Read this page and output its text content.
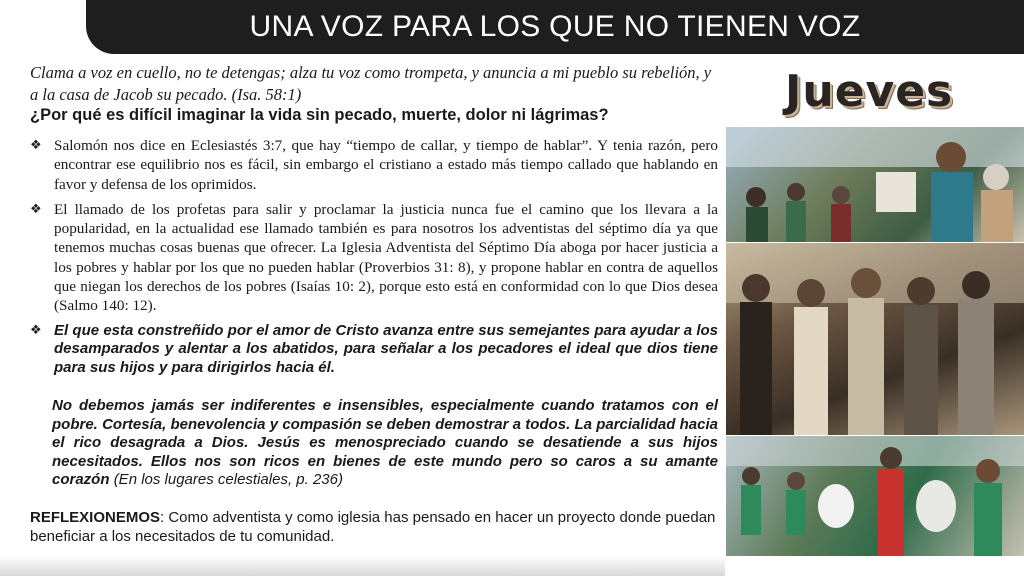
UNA VOZ PARA LOS QUE NO TIENEN VOZ
Clama a voz en cuello, no te detengas; alza tu voz como trompeta, y anuncia a mi pueblo su rebelión, y a la casa de Jacob su pecado. (Isa. 58:1)
¿Por qué es difícil imaginar la vida sin pecado, muerte, dolor ni lágrimas?
❖ Salomón nos dice en Eclesiastés 3:7, que hay “tiempo de callar, y tiempo de hablar”. Y tenia razón, pero encontrar ese equilibrio nos es fácil, sin embargo el cristiano a estado más tiempo callado que hablando en favor y defensa de los oprimidos.
❖ El llamado de los profetas para salir y proclamar la justicia nunca fue el camino que los llevara a la popularidad, en la actualidad ese llamado también es para nosotros los adventistas del séptimo día ya que tenemos muchas cosas buenas que ofrecer. La Iglesia Adventista del Séptimo Día aboga por hacer justicia a los pobres y hablar por los que no pueden hablar (Proverbios 31: 8), y propone hablar en contra de aquellos que niegan los derechos de los pobres (Isaías 10: 2), porque esto está en conformidad con lo que Dios desea (Salmo 140: 12).
❖ El que esta constreñido por el amor de Cristo avanza entre sus semejantes para ayudar a los desamparados y alentar a los abatidos, para señalar a los pecadores el ideal que dios tiene para sus hijos y para dirigirlos hacia él.
No debemos jamás ser indiferentes e insensibles, especialmente cuando tratamos con el pobre. Cortesía, benevolencia y compasión se deben demostrar a todos. La parcialidad hacia el rico desagrada a Dios. Jesús es menospreciado cuando se desatiende a sus hijos necesitados. Ellos nos son ricos en bienes de este mundo pero so caros a su amante corazón (En los lugares celestiales, p. 236)
REFLEXIONEMOS: Como adventista y como iglesia has pensado en hacer un proyecto donde puedan beneficiar a los necesitados de tu comunidad.
Jueves
